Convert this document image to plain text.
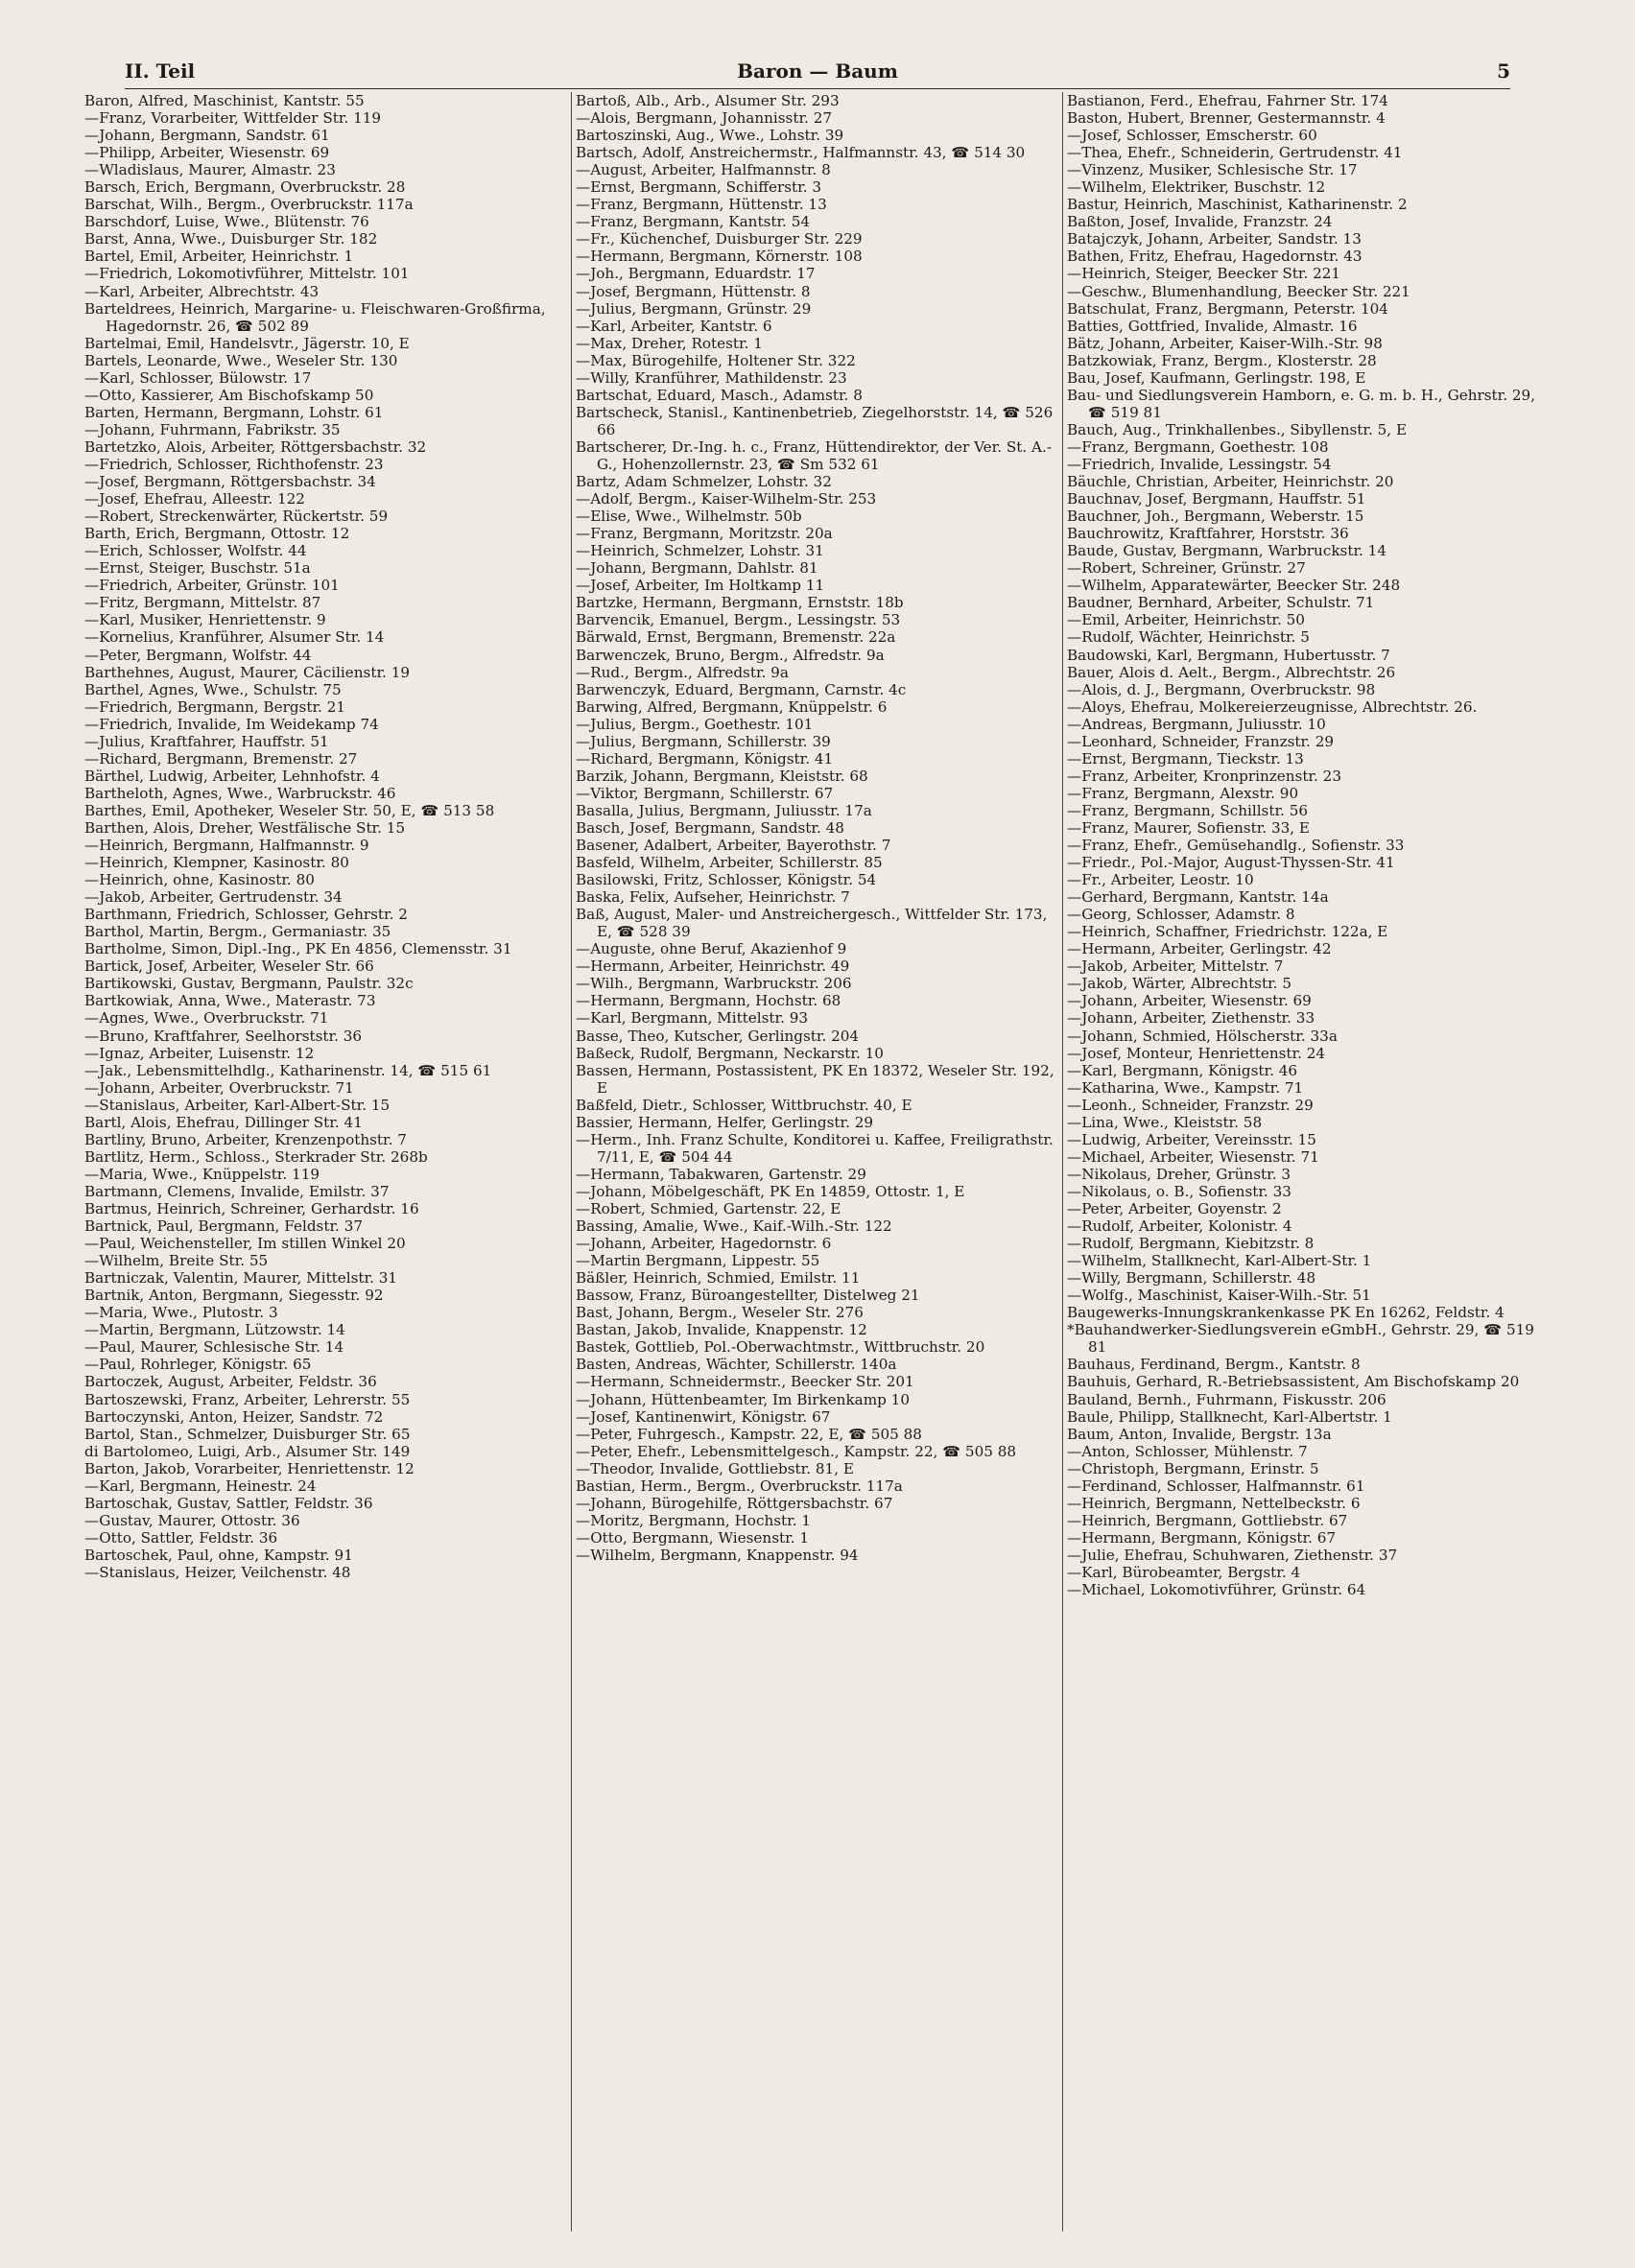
II. Teil	Baron — Baum	5
Baron, Alfred, Maschinist, Kantstr. 55
—Franz, Vorarbeiter, Wittfelder Str. 119
—Johann, Bergmann, Sandstr. 61
—Philipp, Arbeiter, Wiesenstr. 69
—Wladislaus, Maurer, Almastr. 23
Barsch, Erich, Bergmann, Overbruckstr. 28
Barschat, Wilh., Bergm., Overbruckstr. 117a
Barschdorf, Luise, Wwe., Blütenstr. 76
Barst, Anna, Wwe., Duisburger Str. 182
Bartel, Emil, Arbeiter, Heinrichstr. 1
—Friedrich, Lokomotivführer, Mittelstr. 101
—Karl, Arbeiter, Albrechtstr. 43
Barteldrees, Heinrich, Margarine- u. Fleischwaren-Großfirma, Hagedornstr. 26, ☎ 502 89
Bartelmai, Emil, Handelsvtr., Jägerstr. 10, E
Bartels, Leonarde, Wwe., Weseler Str. 130
—Karl, Schlosser, Bülowstr. 17
—Otto, Kassierer, Am Bischofskamp 50
Barten, Hermann, Bergmann, Lohstr. 61
—Johann, Fuhrmann, Fabrikstr. 35
Bartetzko, Alois, Arbeiter, Röttgersbachstr. 32
—Friedrich, Schlosser, Richthofenstr. 23
—Josef, Bergmann, Röttgersbachstr. 34
—Josef, Ehefrau, Alleestr. 122
—Robert, Streckenwärter, Rückertstr. 59
Barth, Erich, Bergmann, Ottostr. 12
—Erich, Schlosser, Wolfstr. 44
—Ernst, Steiger, Buschstr. 51a
—Friedrich, Arbeiter, Grünstr. 101
—Fritz, Bergmann, Mittelstr. 87
—Karl, Musiker, Henriettenstr. 9
—Kornelius, Kranführer, Alsumer Str. 14
—Peter, Bergmann, Wolfstr. 44
Barthehnes, August, Maurer, Cäcilienstr. 19
Barthel, Agnes, Wwe., Schulstr. 75
—Friedrich, Bergmann, Bergstr. 21
—Friedrich, Invalide, Im Weidekamp 74
—Julius, Kraftfahrer, Hauffstr. 51
—Richard, Bergmann, Bremenstr. 27
Bärthel, Ludwig, Arbeiter, Lehnhofstr. 4
Bartheloth, Agnes, Wwe., Warbruckstr. 46
Barthes, Emil, Apotheker, Weseler Str. 50, E, ☎ 513 58
Barthen, Alois, Dreher, Westfälische Str. 15
—Heinrich, Bergmann, Halfmannstr. 9
—Heinrich, Klempner, Kasinostr. 80
—Heinrich, ohne, Kasinostr. 80
—Jakob, Arbeiter, Gertrudenstr. 34
Barthmann, Friedrich, Schlosser, Gehrstr. 2
Barthol, Martin, Bergm., Germaniastr. 35
Bartholme, Simon, Dipl.-Ing., PK En 4856, Clemensstr. 31
Bartick, Josef, Arbeiter, Weseler Str. 66
Bartikowski, Gustav, Bergmann, Paulstr. 32c
Bartkowiak, Anna, Wwe., Materastr. 73
—Agnes, Wwe., Overbruckstr. 71
—Bruno, Kraftfahrer, Seelhorststr. 36
—Ignaz, Arbeiter, Luisenstr. 12
—Jak., Lebensmittelhdlg., Katharinenstr. 14, ☎ 515 61
—Johann, Arbeiter, Overbruckstr. 71
—Stanislaus, Arbeiter, Karl-Albert-Str. 15
Bartl, Alois, Ehefrau, Dillinger Str. 41
Bartliny, Bruno, Arbeiter, Krenzenpothstr. 7
Bartlitz, Herm., Schloss., Sterkrader Str. 268b
—Maria, Wwe., Knüppelstr. 119
Bartmann, Clemens, Invalide, Emilstr. 37
Bartmus, Heinrich, Schreiner, Gerhardstr. 16
Bartnick, Paul, Bergmann, Feldstr. 37
—Paul, Weichensteller, Im stillen Winkel 20
—Wilhelm, Breite Str. 55
Bartniczak, Valentin, Maurer, Mittelstr. 31
Bartnik, Anton, Bergmann, Siegesstr. 92
—Maria, Wwe., Plutostr. 3
—Martin, Bergmann, Lützowstr. 14
—Paul, Maurer, Schlesische Str. 14
—Paul, Rohrleger, Königstr. 65
Bartoczek, August, Arbeiter, Feldstr. 36
Bartoszewski, Franz, Arbeiter, Lehrerstr. 55
Bartoczynski, Anton, Heizer, Sandstr. 72
Bartol, Stan., Schmelzer, Duisburger Str. 65
di Bartolomeo, Luigi, Arb., Alsumer Str. 149
Barton, Jakob, Vorarbeiter, Henriettenstr. 12
—Karl, Bergmann, Heinestr. 24
Bartoschak, Gustav, Sattler, Feldstr. 36
—Gustav, Maurer, Ottostr. 36
—Otto, Sattler, Feldstr. 36
Bartoschek, Paul, ohne, Kampstr. 91
—Stanislaus, Heizer, Veilchenstr. 48
Bartoß, Alb., Arb., Alsumer Str. 293
—Alois, Bergmann, Johannisstr. 27
Bartoszinski, Aug., Wwe., Lohstr. 39
Bartsch, Adolf, Anstreichermstr., Halfmannstr. 43, ☎ 514 30
—August, Arbeiter, Halfmannstr. 8
—Ernst, Bergmann, Schifferstr. 3
—Franz, Bergmann, Hüttenstr. 13
—Franz, Bergmann, Kantstr. 54
—Fr., Küchenchef, Duisburger Str. 229
—Hermann, Bergmann, Körnerstr. 108
—Joh., Bergmann, Eduardstr. 17
—Josef, Bergmann, Hüttenstr. 8
—Julius, Bergmann, Grünstr. 29
—Karl, Arbeiter, Kantstr. 6
—Max, Dreher, Rotestr. 1
—Max, Bürogehilfe, Holtener Str. 322
—Willy, Kranführer, Mathildenstr. 23
Bartschat, Eduard, Masch., Adamstr. 8
Bartscheck, Stanisl., Kantinenbetrieb, Ziegelhorststr. 14, ☎ 526 66
Bartscherer, Dr.-Ing. h. c., Franz, Hüttendirektor, der Ver. St. A.-G., Hohenzollernstr. 23, ☎ Sm 532 61
Bartz, Adam Schmelzer, Lohstr. 32
—Adolf, Bergm., Kaiser-Wilhelm-Str. 253
—Elise, Wwe., Wilhelmstr. 50b
—Franz, Bergmann, Moritzstr. 20a
—Heinrich, Schmelzer, Lohstr. 31
—Johann, Bergmann, Dahlstr. 81
—Josef, Arbeiter, Im Holtkamp 11
Bartzke, Hermann, Bergmann, Ernststr. 18b
Barvencik, Emanuel, Bergm., Lessingstr. 53
Bärwald, Ernst, Bergmann, Bremenstr. 22a
Barwenczek, Bruno, Bergm., Alfredstr. 9a
—Rud., Bergm., Alfredstr. 9a
Barwenczyk, Eduard, Bergmann, Carnstr. 4c
Barwing, Alfred, Bergmann, Knüppelstr. 6
—Julius, Bergm., Goethestr. 101
—Julius, Bergmann, Schillerstr. 39
—Richard, Bergmann, Königstr. 41
Barzik, Johann, Bergmann, Kleiststr. 68
—Viktor, Bergmann, Schillerstr. 67
Basalla, Julius, Bergmann, Juliusstr. 17a
Basch, Josef, Bergmann, Sandstr. 48
Basener, Adalbert, Arbeiter, Bayerothstr. 7
Basfeld, Wilhelm, Arbeiter, Schillerstr. 85
Basilowski, Fritz, Schlosser, Königstr. 54
Baska, Felix, Aufseher, Heinrichstr. 7
Baß, August, Maler- und Anstreichergesch., Wittfelder Str. 173, E, ☎ 528 39
—Auguste, ohne Beruf, Akazienhof 9
—Hermann, Arbeiter, Heinrichstr. 49
—Wilh., Bergmann, Warbruckstr. 206
—Hermann, Bergmann, Hochstr. 68
—Karl, Bergmann, Mittelstr. 93
Basse, Theo, Kutscher, Gerlingstr. 204
Baßeck, Rudolf, Bergmann, Neckarstr. 10
Bassen, Hermann, Postassistent, PK En 18372, Weseler Str. 192, E
Baßfeld, Dietr., Schlosser, Wittbruchstr. 40, E
Bassier, Hermann, Helfer, Gerlingstr. 29
—Herm., Inh. Franz Schulte, Konditorei u. Kaffee, Freiligrathstr. 7/11, E, ☎ 504 44
—Hermann, Tabakwaren, Gartenstr. 29
—Johann, Möbelgeschäft, PK En 14859, Ottostr. 1, E
—Robert, Schmied, Gartenstr. 22, E
Bassing, Amalie, Wwe., Kaif.-Wilh.-Str. 122
—Johann, Arbeiter, Hagedornstr. 6
—Martin Bergmann, Lippestr. 55
Bäßler, Heinrich, Schmied, Emilstr. 11
Bassow, Franz, Büroangestellter, Distelweg 21
Bast, Johann, Bergm., Weseler Str. 276
Bastan, Jakob, Invalide, Knappenstr. 12
Bastek, Gottlieb, Pol.-Oberwachtmstr., Wittbruchstr. 20
Basten, Andreas, Wächter, Schillerstr. 140a
—Hermann, Schneidermstr., Beecker Str. 201
—Johann, Hüttenbeamter, Im Birkenkamp 10
—Josef, Kantinenwirt, Königstr. 67
—Peter, Fuhrgesch., Kampstr. 22, E, ☎ 505 88
—Peter, Ehefr., Lebensmittelgesch., Kampstr. 22, ☎ 505 88
—Theodor, Invalide, Gottliebstr. 81, E
Bastian, Herm., Bergm., Overbruckstr. 117a
—Johann, Bürogehilfe, Röttgersbachstr. 67
—Moritz, Bergmann, Hochstr. 1
—Otto, Bergmann, Wiesenstr. 1
—Wilhelm, Bergmann, Knappenstr. 94
Bastianon, Ferd., Ehefrau, Fahrner Str. 174
Baston, Hubert, Brenner, Gestermannstr. 4
—Josef, Schlosser, Emscherstr. 60
—Thea, Ehefr., Schneiderin, Gertrudenstr. 41
—Vinzenz, Musiker, Schlesische Str. 17
—Wilhelm, Elektriker, Buschstr. 12
Bastur, Heinrich, Maschinist, Katharinenstr. 2
Baßton, Josef, Invalide, Franzstr. 24
Batajczyk, Johann, Arbeiter, Sandstr. 13
Bathen, Fritz, Ehefrau, Hagedornstr. 43
—Heinrich, Steiger, Beecker Str. 221
—Geschw., Blumenhandlung, Beecker Str. 221
Batschulat, Franz, Bergmann, Peterstr. 104
Batties, Gottfried, Invalide, Almastr. 16
Bätz, Johann, Arbeiter, Kaiser-Wilh.-Str. 98
Batzkowiak, Franz, Bergm., Klosterstr. 28
Bau, Josef, Kaufmann, Gerlingstr. 198, E
Bau- und Siedlungsverein Hamborn, e. G. m. b. H., Gehrstr. 29, ☎ 519 81
Bauch, Aug., Trinkhallenbes., Sibyllenstr. 5, E
—Franz, Bergmann, Goethestr. 108
—Friedrich, Invalide, Lessingstr. 54
Bäuchle, Christian, Arbeiter, Heinrichstr. 20
Bauchnav, Josef, Bergmann, Hauffstr. 51
Bauchner, Joh., Bergmann, Weberstr. 15
Bauchrowitz, Kraftfahrer, Horststr. 36
Baude, Gustav, Bergmann, Warbruckstr. 14
—Robert, Schreiner, Grünstr. 27
—Wilhelm, Apparatewärter, Beecker Str. 248
Baudner, Bernhard, Arbeiter, Schulstr. 71
—Emil, Arbeiter, Heinrichstr. 50
—Rudolf, Wächter, Heinrichstr. 5
Baudowski, Karl, Bergmann, Hubertusstr. 7
Bauer, Alois d. Aelt., Bergm., Albrechtstr. 26
—Alois, d. J., Bergmann, Overbruckstr. 98
—Aloys, Ehefrau, Molkereierzeugnisse, Albrechtstr. 26.
—Andreas, Bergmann, Juliusstr. 10
—Leonhard, Schneider, Franzstr. 29
—Ernst, Bergmann, Tieckstr. 13
—Franz, Arbeiter, Kronprinzenstr. 23
—Franz, Bergmann, Alexstr. 90
—Franz, Bergmann, Schillstr. 56
—Franz, Maurer, Sofienstr. 33, E
—Franz, Ehefr., Gemüsehandlg., Sofienstr. 33
—Friedr., Pol.-Major, August-Thyssen-Str. 41
—Fr., Arbeiter, Leostr. 10
—Gerhard, Bergmann, Kantstr. 14a
—Georg, Schlosser, Adamstr. 8
—Heinrich, Schaffner, Friedrichstr. 122a, E
—Hermann, Arbeiter, Gerlingstr. 42
—Jakob, Arbeiter, Mittelstr. 7
—Jakob, Wärter, Albrechtstr. 5
—Johann, Arbeiter, Wiesenstr. 69
—Johann, Arbeiter, Ziethenstr. 33
—Johann, Schmied, Hölscherstr. 33a
—Josef, Monteur, Henriettenstr. 24
—Karl, Bergmann, Königstr. 46
—Katharina, Wwe., Kampstr. 71
—Leonh., Schneider, Franzstr. 29
—Lina, Wwe., Kleiststr. 58
—Ludwig, Arbeiter, Vereinsstr. 15
—Michael, Arbeiter, Wiesenstr. 71
—Nikolaus, Dreher, Grünstr. 3
—Nikolaus, o. B., Sofienstr. 33
—Peter, Arbeiter, Goyenstr. 2
—Rudolf, Arbeiter, Kolonistr. 4
—Rudolf, Bergmann, Kiebitzstr. 8
—Wilhelm, Stallknecht, Karl-Albert-Str. 1
—Willy, Bergmann, Schillerstr. 48
—Wolfg., Maschinist, Kaiser-Wilh.-Str. 51
Baugewerks-Innungskrankenkasse PK En 16262, Feldstr. 4
*Bauhandwerker-Siedlungsverein eGmbH., Gehrstr. 29, ☎ 519 81
Bauhaus, Ferdinand, Bergm., Kantstr. 8
Bauhuis, Gerhard, R.-Betriebsassistent, Am Bischofskamp 20
Bauland, Bernh., Fuhrmann, Fiskusstr. 206
Baule, Philipp, Stallknecht, Karl-Albertstr. 1
Baum, Anton, Invalide, Bergstr. 13a
—Anton, Schlosser, Mühlenstr. 7
—Christoph, Bergmann, Erinstr. 5
—Ferdinand, Schlosser, Halfmannstr. 61
—Heinrich, Bergmann, Nettelbeckstr. 6
—Heinrich, Bergmann, Gottliebstr. 67
—Hermann, Bergmann, Königstr. 67
—Julie, Ehefrau, Schuhwaren, Ziethenstr. 37
—Karl, Bürobeamter, Bergstr. 4
—Michael, Lokomotivführer, Grünstr. 64
